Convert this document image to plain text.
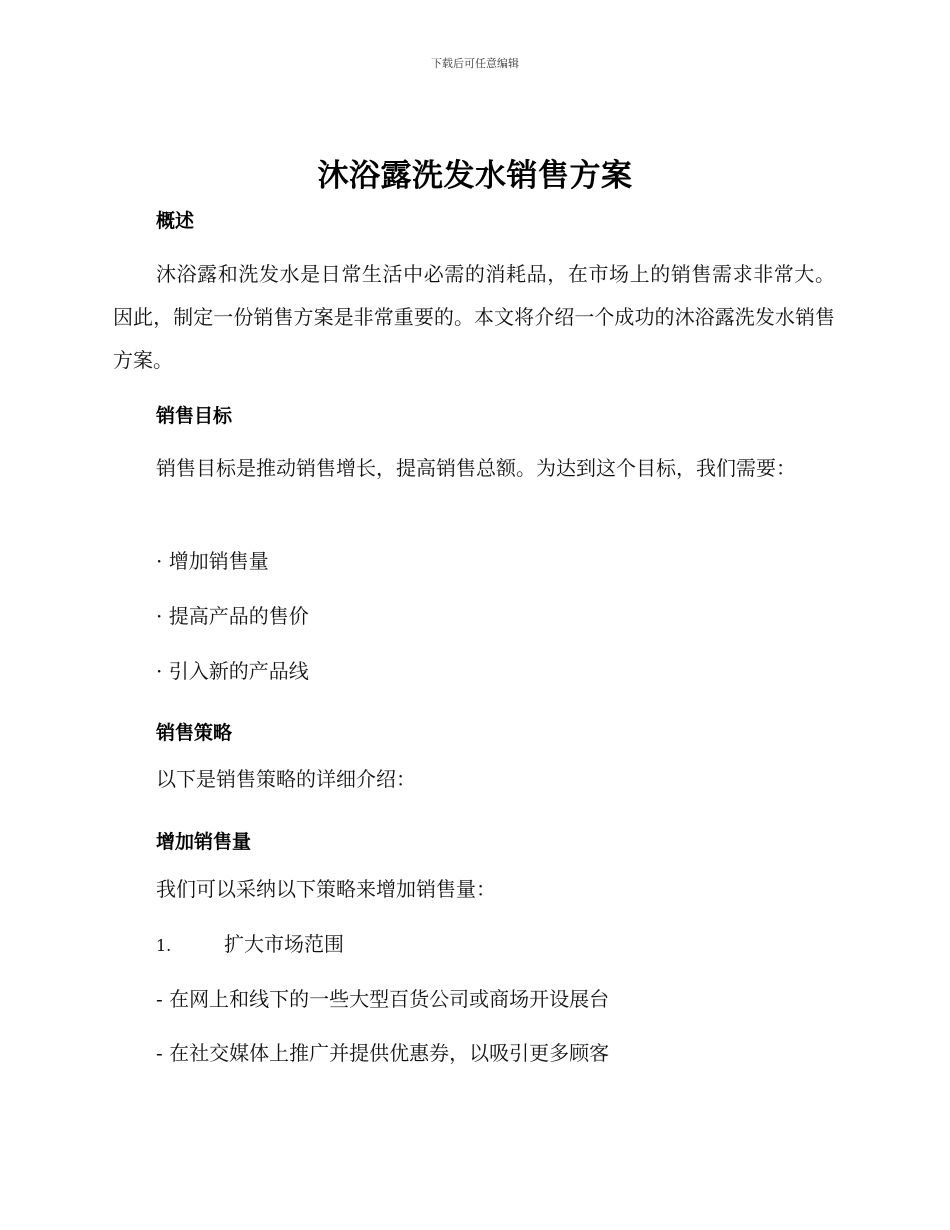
下载后可任意编辑
沐浴露洗发水销售方案
概述
沐浴露和洗发水是日常生活中必需的消耗品，在市场上的销售需求非常大。因此，制定一份销售方案是非常重要的。本文将介绍一个成功的沐浴露洗发水销售方案。
销售目标
销售目标是推动销售增长，提高销售总额。为达到这个目标，我们需要：
· 增加销售量
· 提高产品的售价
· 引入新的产品线
销售策略
以下是销售策略的详细介绍：
增加销售量
我们可以采纳以下策略来增加销售量：
1.	扩大市场范围
- 在网上和线下的一些大型百货公司或商场开设展台
- 在社交媒体上推广并提供优惠券，以吸引更多顾客
